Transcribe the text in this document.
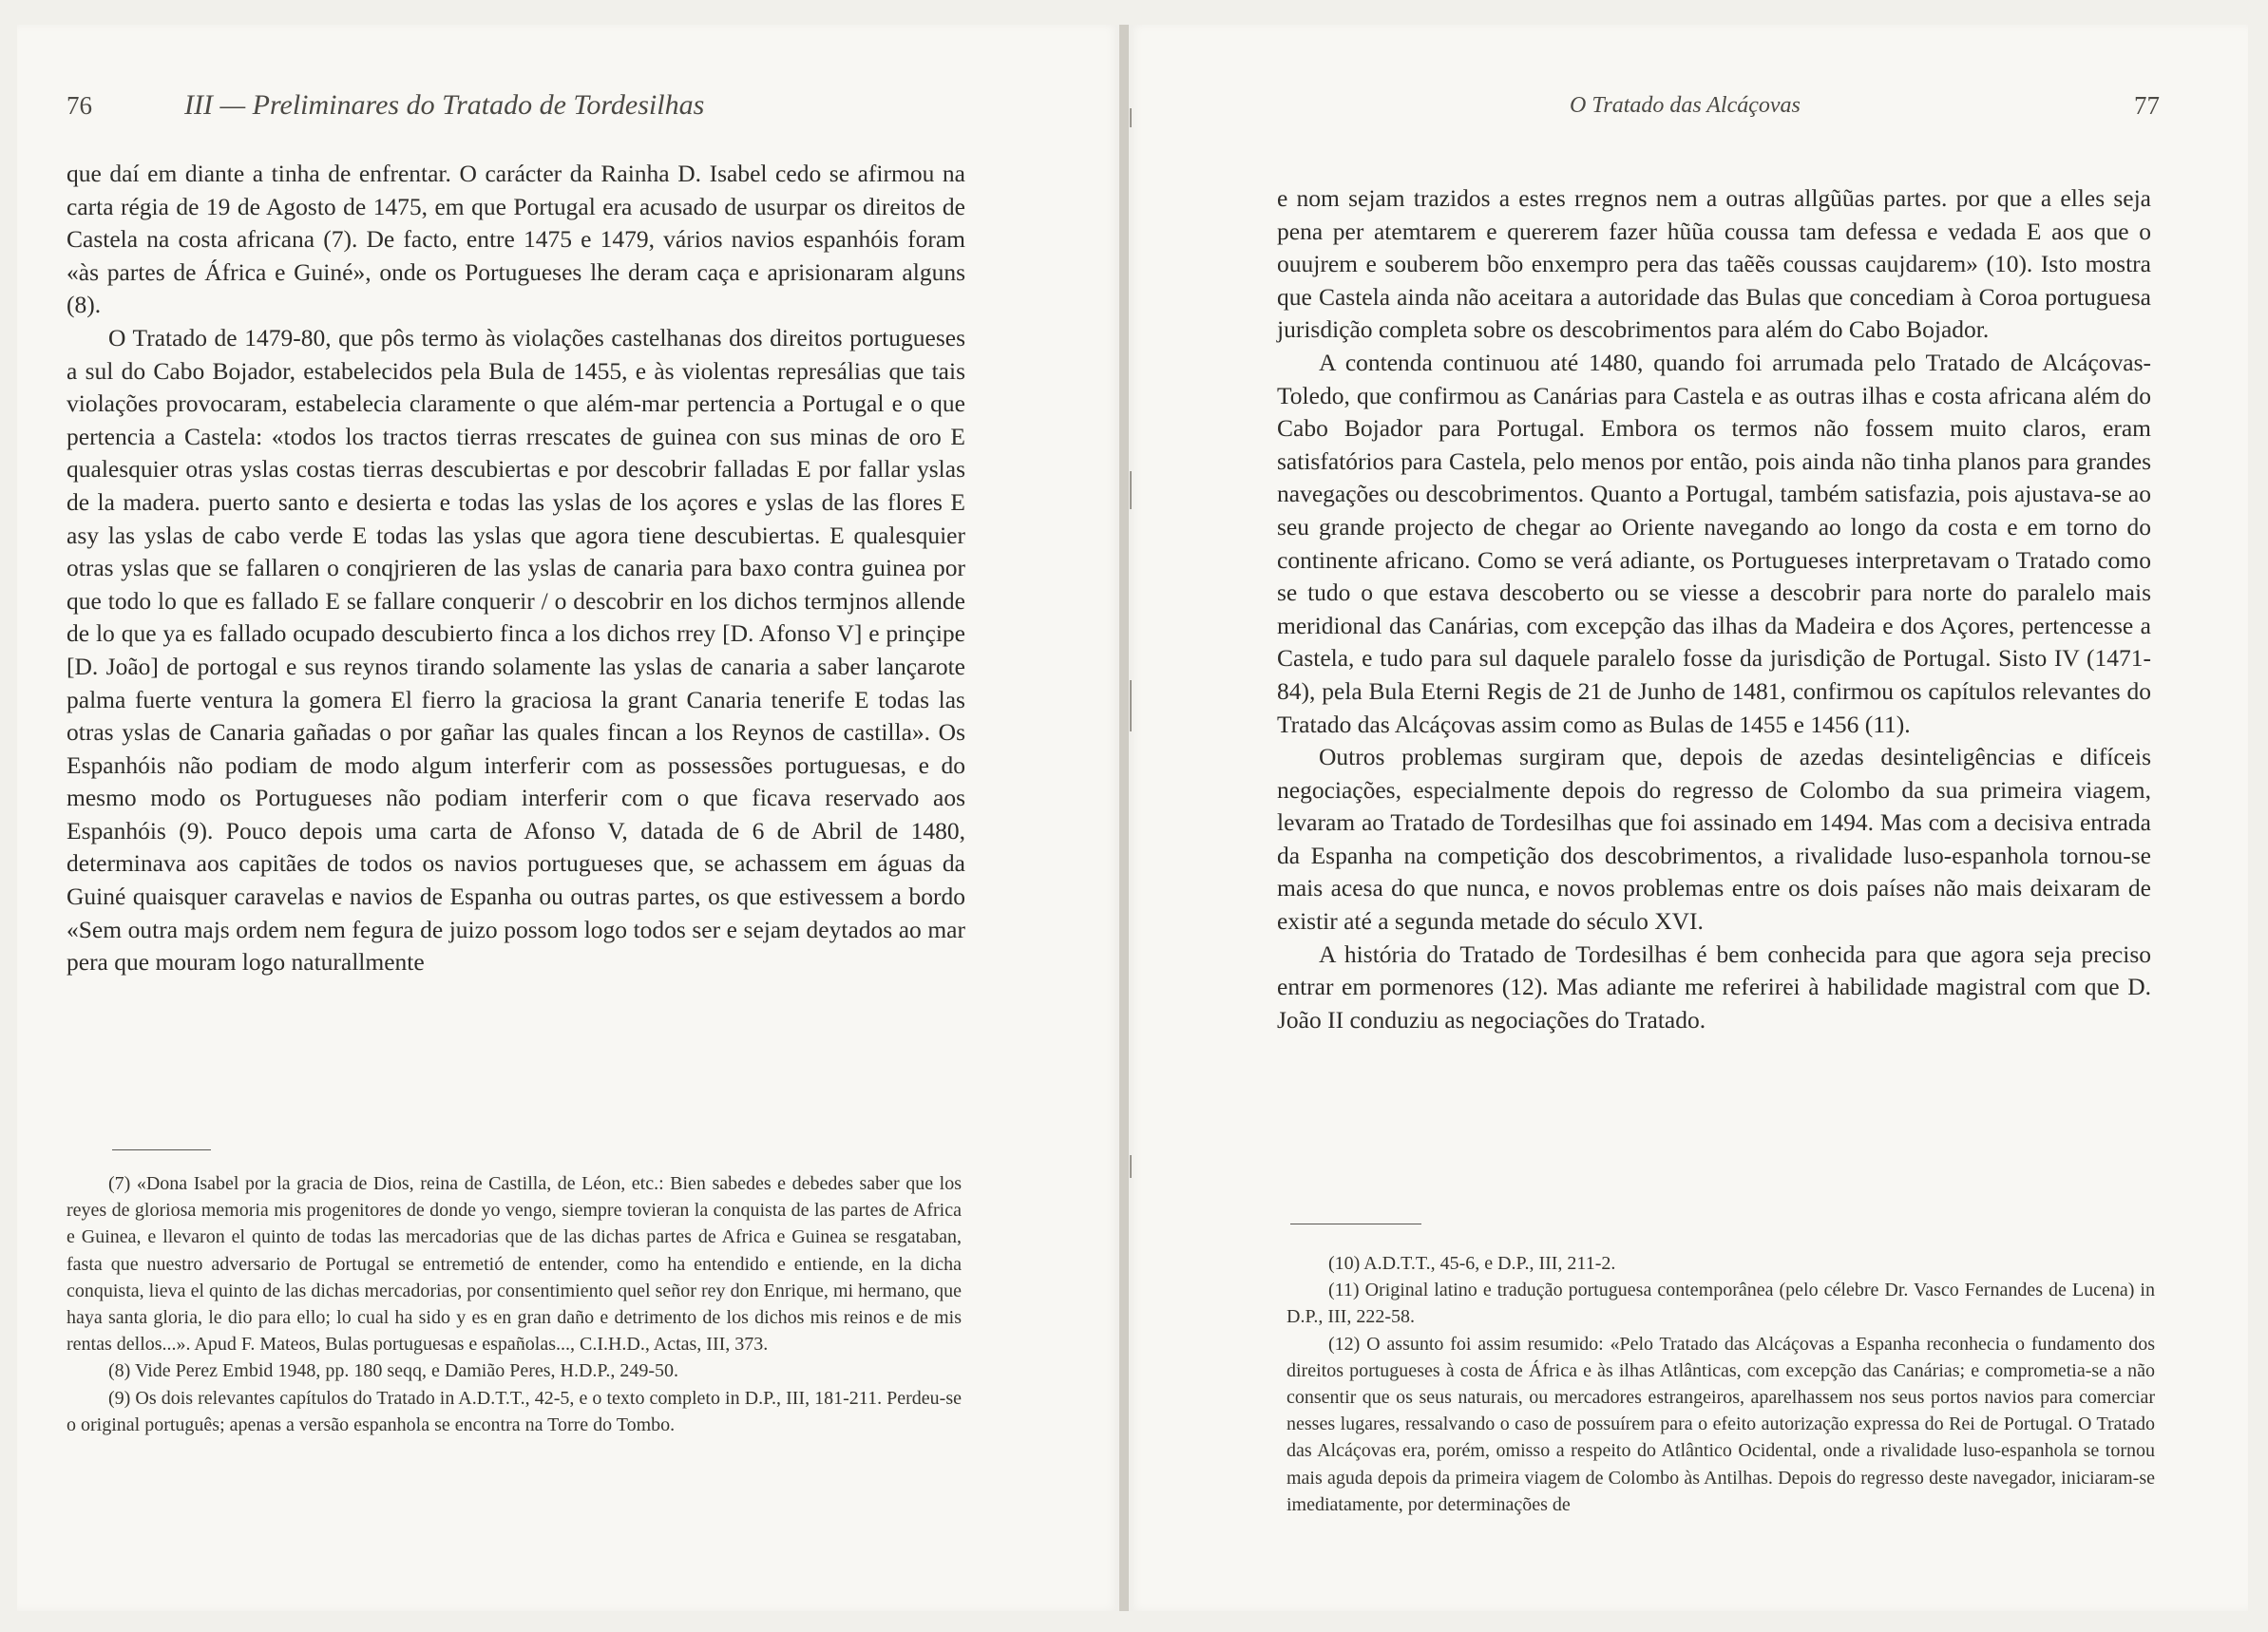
76	III — Preliminares do Tratado de Tordesilhas

que daí em diante a tinha de enfrentar. O carácter da Rainha D. Isabel cedo se afirmou na carta régia de 19 de Agosto de 1475, em que Portugal era acusado de usurpar os direitos de Castela na costa africana (7). De facto, entre 1475 e 1479, vários navios espanhóis foram «às partes de África e Guiné», onde os Portugueses lhe deram caça e aprisionaram alguns (8).

O Tratado de 1479-80, que pôs termo às violações castelhanas dos direitos portugueses a sul do Cabo Bojador, estabelecidos pela Bula de 1455, e às violentas represálias que tais violações provocaram, estabelecia claramente o que além-mar pertencia a Portugal e o que pertencia a Castela: «todos los tractos tierras rrescates de guinea con sus minas de oro E qualesquier otras yslas costas tierras descubiertas e por descobrir falladas E por fallar yslas de la madera. puerto santo e desierta e todas las yslas de los açores e yslas de las flores E asy las yslas de cabo verde E todas las yslas que agora tiene descubiertas. E qualesquier otras yslas que se fallaren o conqjrieren de las yslas de canaria para baxo contra guinea por que todo lo que es fallado E se fallare conquerir / o descobrir en los dichos termjnos allende de lo que ya es fallado ocupado descubierto finca a los dichos rrey [D. Afonso V] e prinçipe [D. João] de portogal e sus reynos tirando solamente las yslas de canaria a saber lançarote palma fuerte ventura la gomera El fierro la graciosa la grant Canaria tenerife E todas las otras yslas de Canaria gañadas o por gañar las quales fincan a los Reynos de castilla». Os Espanhóis não podiam de modo algum interferir com as possessões portuguesas, e do mesmo modo os Portugueses não podiam interferir com o que ficava reservado aos Espanhóis (9). Pouco depois uma carta de Afonso V, datada de 6 de Abril de 1480, determinava aos capitães de todos os navios portugueses que, se achassem em águas da Guiné quaisquer caravelas e navios de Espanha ou outras partes, os que estivessem a bordo «Sem outra majs ordem nem fegura de juizo possom logo todos ser e sejam deytados ao mar pera que mouram logo naturallmente

(7) «Dona Isabel por la gracia de Dios, reina de Castilla, de Léon, etc.: Bien sabedes e debedes saber que los reyes de gloriosa memoria mis progenitores de donde yo vengo, siempre tovieran la conquista de las partes de Africa e Guinea, e llevaron el quinto de todas las mercadorias que de las dichas partes de Africa e Guinea se resgataban, fasta que nuestro adversario de Portugal se entremetió de entender, como ha entendido e entiende, en la dicha conquista, lieva el quinto de las dichas mercadorias, por consentimiento quel señor rey don Enrique, mi hermano, que haya santa gloria, le dio para ello; lo cual ha sido y es en gran daño e detrimento de los dichos mis reinos e de mis rentas dellos...». Apud F. Mateos, Bulas portuguesas e españolas..., C.I.H.D., Actas, III, 373.

(8) Vide Perez Embid 1948, pp. 180 seqq, e Damião Peres, H.D.P., 249-50.

(9) Os dois relevantes capítulos do Tratado in A.D.T.T., 42-5, e o texto completo in D.P., III, 181-211. Perdeu-se o original português; apenas a versão espanhola se encontra na Torre do Tombo.

O Tratado das Alcáçovas	77

e nom sejam trazidos a estes rregnos nem a outras allgũũas partes. por que a elles seja pena per atemtarem e quererem fazer hũũa coussa tam defessa e vedada E aos que o ouujrem e souberem bõo enxempro pera das taẽẽs coussas caujdarem» (10). Isto mostra que Castela ainda não aceitara a autoridade das Bulas que concediam à Coroa portuguesa jurisdição completa sobre os descobrimentos para além do Cabo Bojador.

A contenda continuou até 1480, quando foi arrumada pelo Tratado de Alcáçovas-Toledo, que confirmou as Canárias para Castela e as outras ilhas e costa africana além do Cabo Bojador para Portugal. Embora os termos não fossem muito claros, eram satisfatórios para Castela, pelo menos por então, pois ainda não tinha planos para grandes navegações ou descobrimentos. Quanto a Portugal, também satisfazia, pois ajustava-se ao seu grande projecto de chegar ao Oriente navegando ao longo da costa e em torno do continente africano. Como se verá adiante, os Portugueses interpretavam o Tratado como se tudo o que estava descoberto ou se viesse a descobrir para norte do paralelo mais meridional das Canárias, com excepção das ilhas da Madeira e dos Açores, pertencesse a Castela, e tudo para sul daquele paralelo fosse da jurisdição de Portugal. Sisto IV (1471-84), pela Bula Eterni Regis de 21 de Junho de 1481, confirmou os capítulos relevantes do Tratado das Alcáçovas assim como as Bulas de 1455 e 1456 (11).

Outros problemas surgiram que, depois de azedas desinteligências e difíceis negociações, especialmente depois do regresso de Colombo da sua primeira viagem, levaram ao Tratado de Tordesilhas que foi assinado em 1494. Mas com a decisiva entrada da Espanha na competição dos descobrimentos, a rivalidade luso-espanhola tornou-se mais acesa do que nunca, e novos problemas entre os dois países não mais deixaram de existir até a segunda metade do século XVI.

A história do Tratado de Tordesilhas é bem conhecida para que agora seja preciso entrar em pormenores (12). Mas adiante me referirei à habilidade magistral com que D. João II conduziu as negociações do Tratado.

(10) A.D.T.T., 45-6, e D.P., III, 211-2.

(11) Original latino e tradução portuguesa contemporânea (pelo célebre Dr. Vasco Fernandes de Lucena) in D.P., III, 222-58.

(12) O assunto foi assim resumido: «Pelo Tratado das Alcáçovas a Espanha reconhecia o fundamento dos direitos portugueses à costa de África e às ilhas Atlânticas, com excepção das Canárias; e comprometia-se a não consentir que os seus naturais, ou mercadores estrangeiros, aparelhassem nos seus portos navios para comerciar nesses lugares, ressalvando o caso de possuírem para o efeito autorização expressa do Rei de Portugal. O Tratado das Alcáçovas era, porém, omisso a respeito do Atlântico Ocidental, onde a rivalidade luso-espanhola se tornou mais aguda depois da primeira viagem de Colombo às Antilhas. Depois do regresso deste navegador, iniciaram-se imediatamente, por determinações de
